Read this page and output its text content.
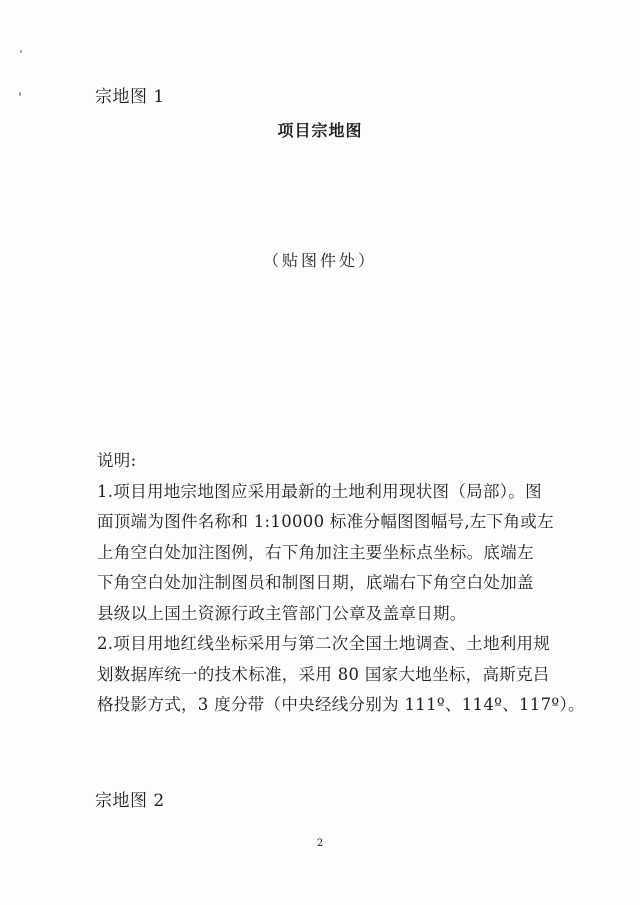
宗地图 1
项目宗地图
（贴图件处）
说明:
1.项目用地宗地图应采用最新的土地利用现状图（局部）。图
面顶端为图件名称和 1:10000 标准分幅图图幅号,左下角或左
上角空白处加注图例，右下角加注主要坐标点坐标。底端左
下角空白处加注制图员和制图日期，底端右下角空白处加盖
县级以上国土资源行政主管部门公章及盖章日期。
2.项目用地红线坐标采用与第二次全国土地调查、土地利用规
划数据库统一的技术标准，采用 80 国家大地坐标，高斯克吕
格投影方式，3 度分带（中央经线分别为 111º、114º、117º）。
宗地图 2
2
